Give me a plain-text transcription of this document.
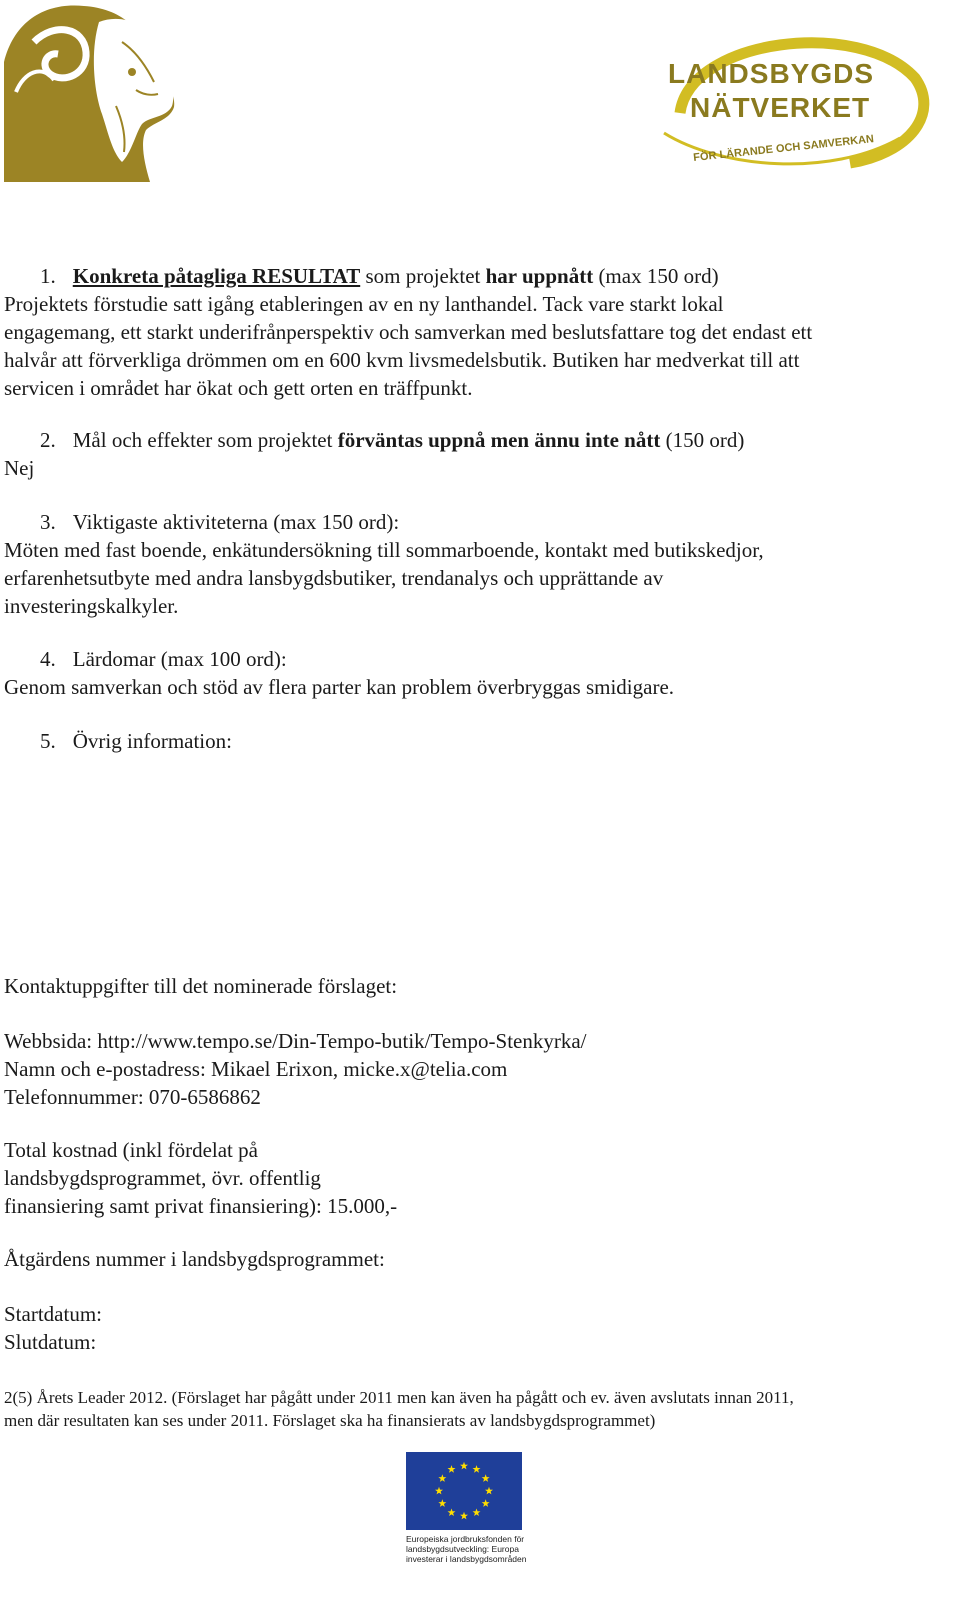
LANDSBYGDS
NÄTVERKET
FÖR LÄRANDE OCH SAMVERKAN
1. Konkreta påtagliga RESULTAT som projektet har uppnått (max 150 ord)
Projektets förstudie satt igång etableringen av en ny lanthandel. Tack vare starkt lokal
engagemang, ett starkt underifrånperspektiv och samverkan med beslutsfattare tog det endast ett
halvår att förverkliga drömmen om en 600 kvm livsmedelsbutik. Butiken har medverkat till att
servicen i området har ökat och gett orten en träffpunkt.
2. Mål och effekter som projektet förväntas uppnå men ännu inte nått (150 ord)
Nej
3. Viktigaste aktiviteterna (max 150 ord):
Möten med fast boende, enkätundersökning till sommarboende, kontakt med butikskedjor,
erfarenhetsutbyte med andra lansbygdsbutiker, trendanalys och upprättande av
investeringskalkyler.
4. Lärdomar (max 100 ord):
Genom samverkan och stöd av flera parter kan problem överbryggas smidigare.
5. Övrig information:
Kontaktuppgifter till det nominerade förslaget:
Webbsida: http://www.tempo.se/Din-Tempo-butik/Tempo-Stenkyrka/
Namn och e-postadress: Mikael Erixon, micke.x@telia.com
Telefonnummer: 070-6586862
Total kostnad (inkl fördelat på
landsbygdsprogrammet, övr. offentlig
finansiering samt privat finansiering): 15.000,-
Åtgärdens nummer i landsbygdsprogrammet:
Startdatum:
Slutdatum:
2(5) Årets Leader 2012. (Förslaget har pågått under 2011 men kan även ha pågått och ev. även avslutats innan 2011,
men där resultaten kan ses under 2011. Förslaget ska ha finansierats av landsbygdsprogrammet)
Europeiska jordbruksfonden för
landsbygdsutveckling: Europa
investerar i landsbygdsområden
